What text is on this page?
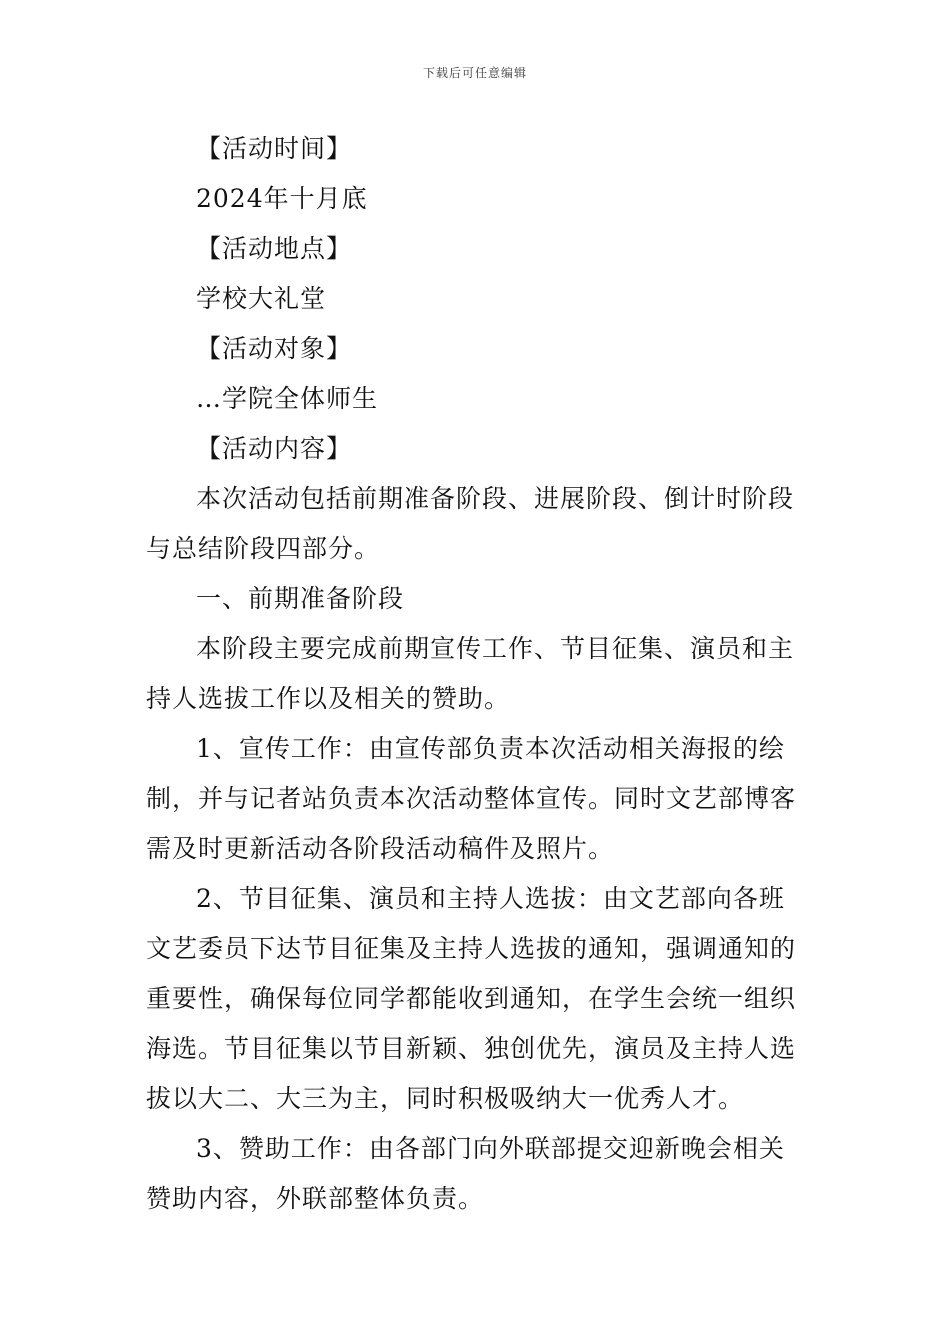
下载后可任意编辑

【活动时间】

2024年十月底

【活动地点】

学校大礼堂

【活动对象】

…学院全体师生

【活动内容】

本次活动包括前期准备阶段、进展阶段、倒计时阶段与总结阶段四部分。

一、前期准备阶段

本阶段主要完成前期宣传工作、节目征集、演员和主持人选拔工作以及相关的赞助。

1、宣传工作：由宣传部负责本次活动相关海报的绘制，并与记者站负责本次活动整体宣传。同时文艺部博客需及时更新活动各阶段活动稿件及照片。

2、节目征集、演员和主持人选拔：由文艺部向各班文艺委员下达节目征集及主持人选拔的通知，强调通知的重要性，确保每位同学都能收到通知，在学生会统一组织海选。节目征集以节目新颖、独创优先，演员及主持人选拔以大二、大三为主，同时积极吸纳大一优秀人才。

3、赞助工作：由各部门向外联部提交迎新晚会相关赞助内容，外联部整体负责。
